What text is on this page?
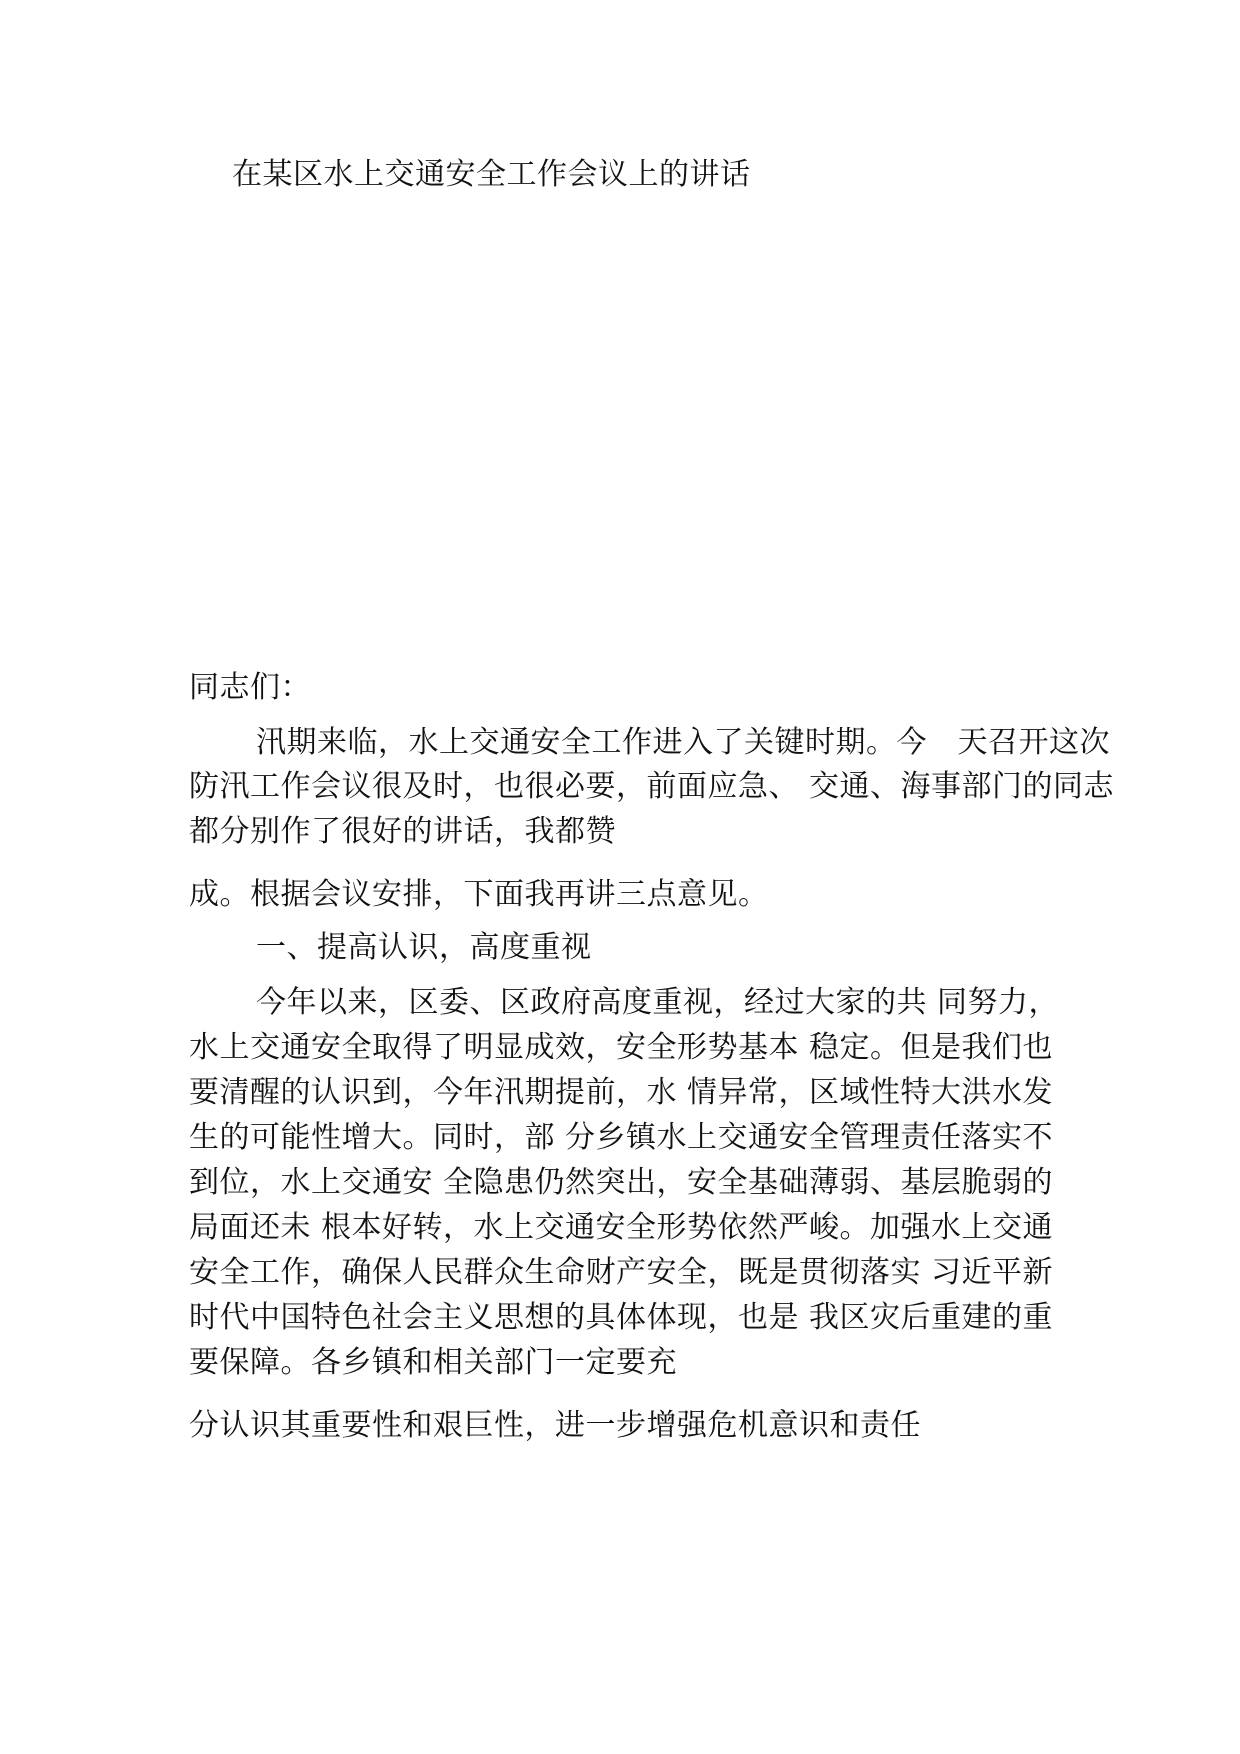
在某区水上交通安全工作会议上的讲话
同志们：
汛期来临，水上交通安全工作进入了关键时期。今　天召开这次
防汛工作会议很及时，也很必要，前面应急、 交通、海事部门的同志
都分别作了很好的讲话，我都赞
成。根据会议安排，下面我再讲三点意见。
一、提高认识，高度重视
今年以来，区委、区政府高度重视，经过大家的共 同努力，
水上交通安全取得了明显成效，安全形势基本 稳定。但是我们也
要清醒的认识到，今年汛期提前，水 情异常，区域性特大洪水发
生的可能性增大。同时，部 分乡镇水上交通安全管理责任落实不
到位，水上交通安 全隐患仍然突出，安全基础薄弱、基层脆弱的
局面还未 根本好转，水上交通安全形势依然严峻。加强水上交通
安全工作，确保人民群众生命财产安全，既是贯彻落实 习近平新
时代中国特色社会主义思想的具体体现，也是 我区灾后重建的重
要保障。各乡镇和相关部门一定要充
分认识其重要性和艰巨性，进一步增强危机意识和责任
